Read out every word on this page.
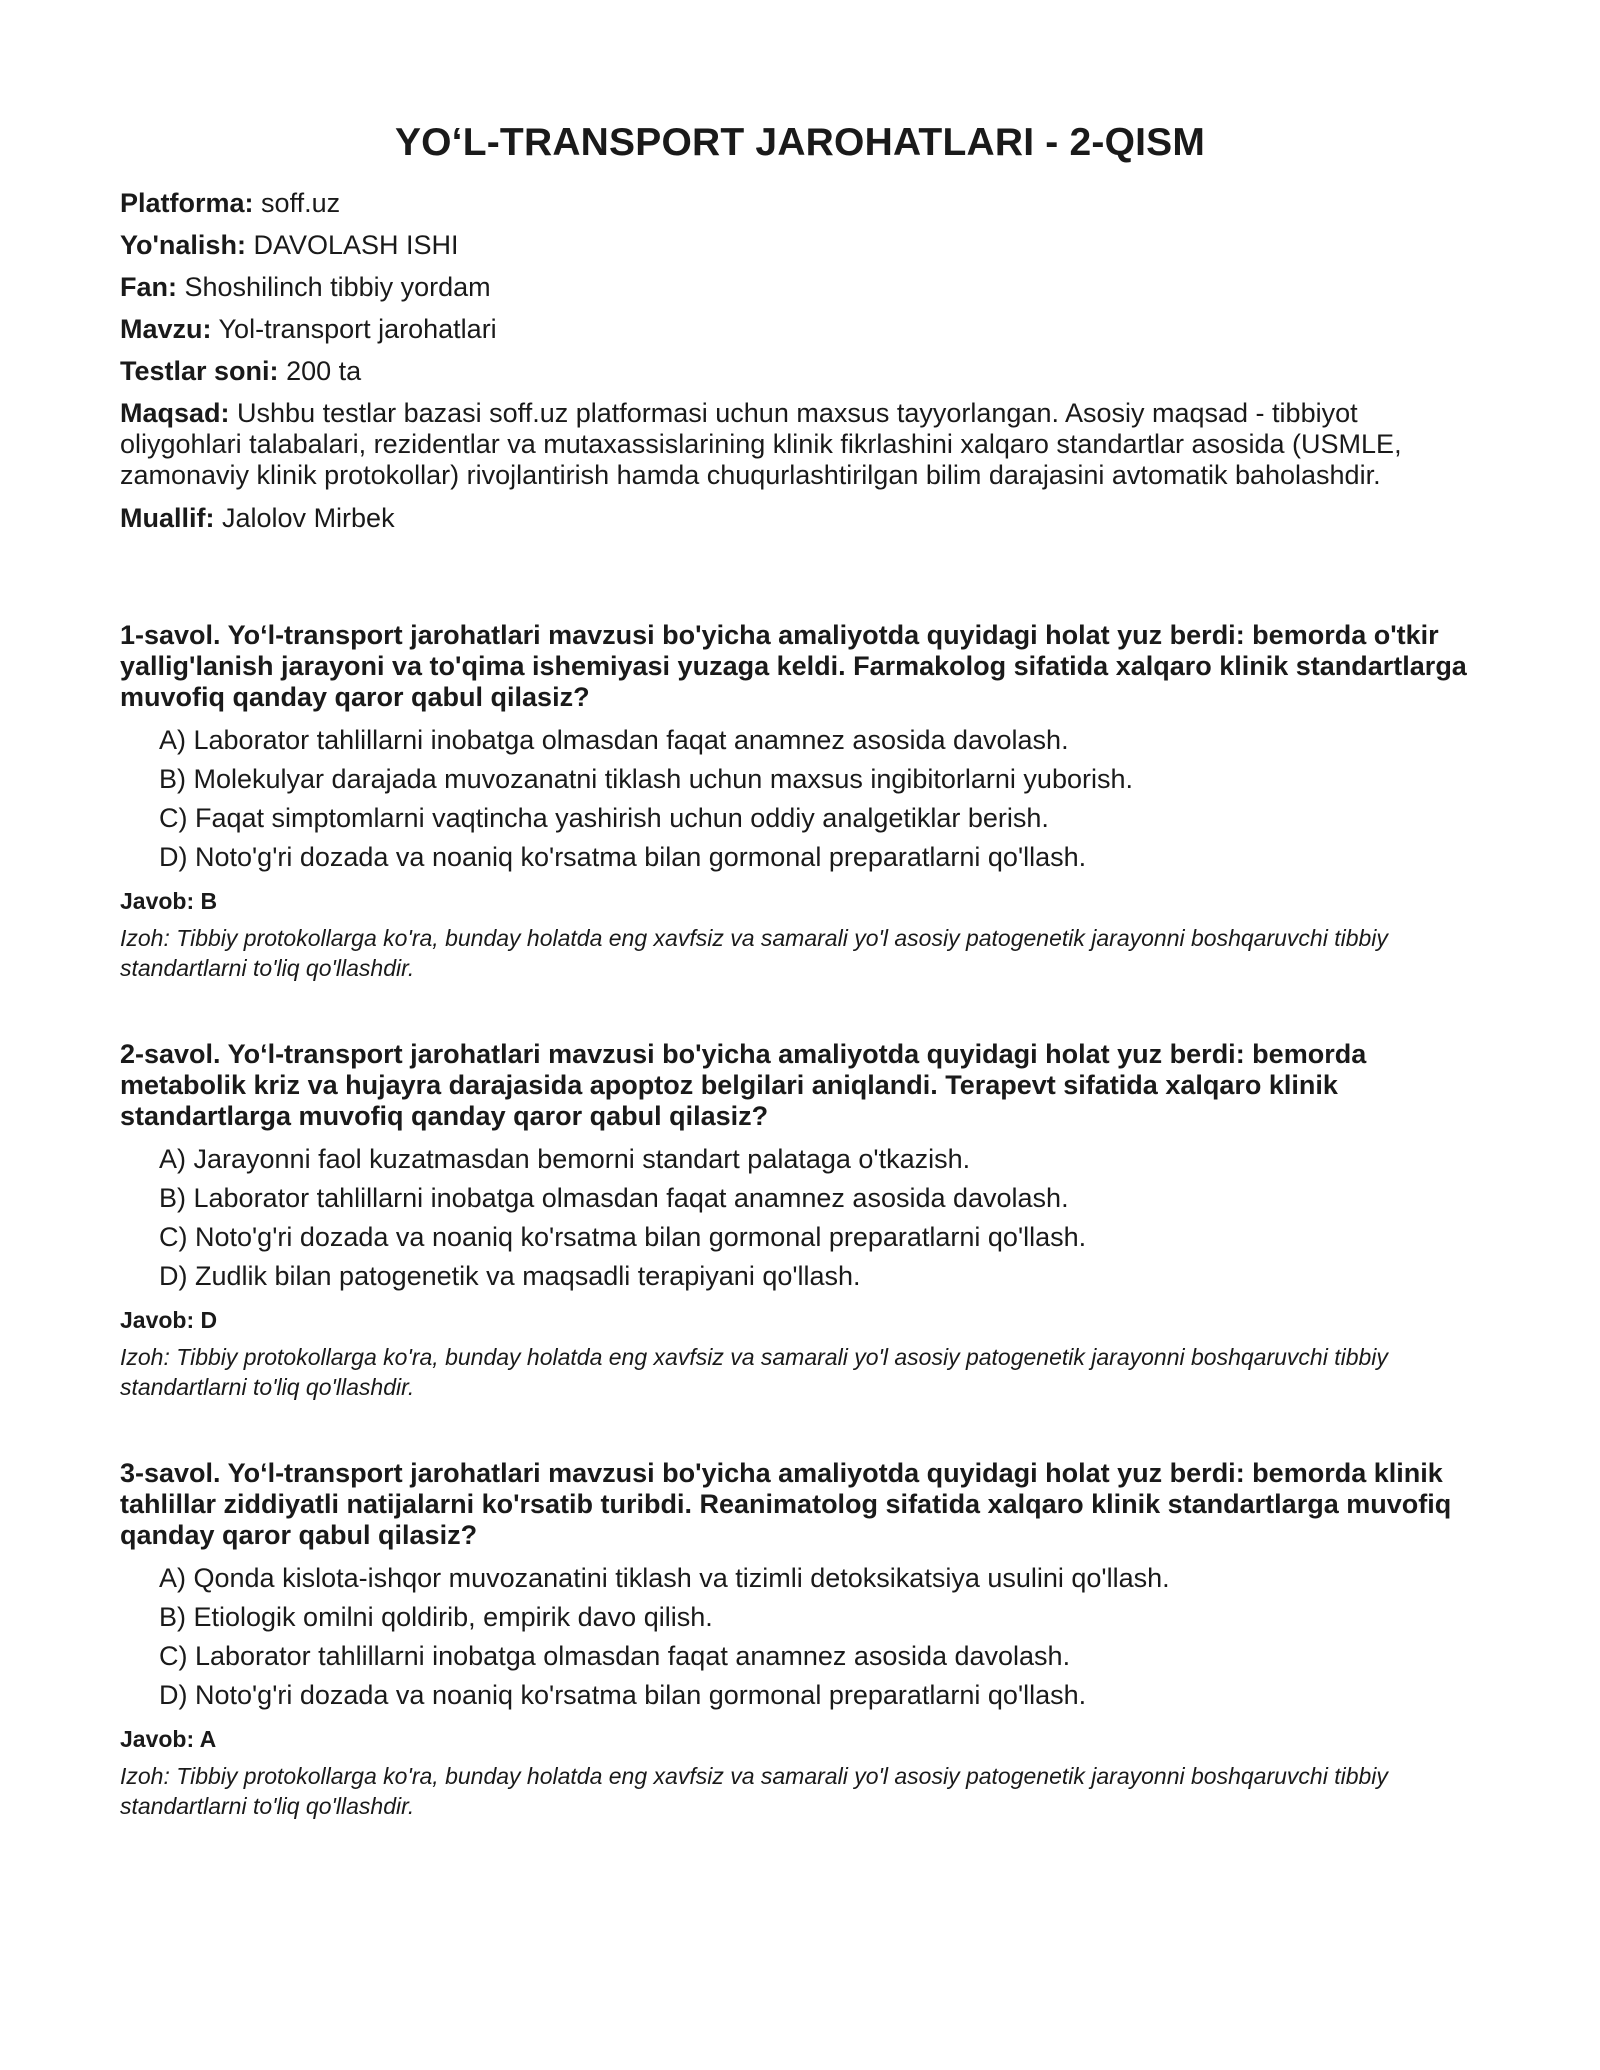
YO‘L-TRANSPORT JAROHATLARI - 2-QISM

Platforma: soff.uz

Yo'nalish: DAVOLASH ISHI

Fan: Shoshilinch tibbiy yordam

Mavzu: Yol-transport jarohatlari

Testlar soni: 200 ta

Maqsad: Ushbu testlar bazasi soff.uz platformasi uchun maxsus tayyorlangan. Asosiy maqsad - tibbiyot oliygohlari talabalari, rezidentlar va mutaxassislarining klinik fikrlashini xalqaro standartlar asosida (USMLE, zamonaviy klinik protokollar) rivojlantirish hamda chuqurlashtirilgan bilim darajasini avtomatik baholashdir.

Muallif: Jalolov Mirbek

1-savol. Yo‘l-transport jarohatlari mavzusi bo'yicha amaliyotda quyidagi holat yuz berdi: bemorda o'tkir yallig'lanish jarayoni va to'qima ishemiyasi yuzaga keldi. Farmakolog sifatida xalqaro klinik standartlarga muvofiq qanday qaror qabul qilasiz?

A) Laborator tahlillarni inobatga olmasdan faqat anamnez asosida davolash.
B) Molekulyar darajada muvozanatni tiklash uchun maxsus ingibitorlarni yuborish.
C) Faqat simptomlarni vaqtincha yashirish uchun oddiy analgetiklar berish.
D) Noto'g'ri dozada va noaniq ko'rsatma bilan gormonal preparatlarni qo'llash.

Javob: B

Izoh: Tibbiy protokollarga ko'ra, bunday holatda eng xavfsiz va samarali yo'l asosiy patogenetik jarayonni boshqaruvchi tibbiy standartlarni to'liq qo'llashdir.

2-savol. Yo‘l-transport jarohatlari mavzusi bo'yicha amaliyotda quyidagi holat yuz berdi: bemorda metabolik kriz va hujayra darajasida apoptoz belgilari aniqlandi. Terapevt sifatida xalqaro klinik standartlarga muvofiq qanday qaror qabul qilasiz?

A) Jarayonni faol kuzatmasdan bemorni standart palataga o'tkazish.
B) Laborator tahlillarni inobatga olmasdan faqat anamnez asosida davolash.
C) Noto'g'ri dozada va noaniq ko'rsatma bilan gormonal preparatlarni qo'llash.
D) Zudlik bilan patogenetik va maqsadli terapiyani qo'llash.

Javob: D

Izoh: Tibbiy protokollarga ko'ra, bunday holatda eng xavfsiz va samarali yo'l asosiy patogenetik jarayonni boshqaruvchi tibbiy standartlarni to'liq qo'llashdir.

3-savol. Yo‘l-transport jarohatlari mavzusi bo'yicha amaliyotda quyidagi holat yuz berdi: bemorda klinik tahlillar ziddiyatli natijalarni ko'rsatib turibdi. Reanimatolog sifatida xalqaro klinik standartlarga muvofiq qanday qaror qabul qilasiz?

A) Qonda kislota-ishqor muvozanatini tiklash va tizimli detoksikatsiya usulini qo'llash.
B) Etiologik omilni qoldirib, empirik davo qilish.
C) Laborator tahlillarni inobatga olmasdan faqat anamnez asosida davolash.
D) Noto'g'ri dozada va noaniq ko'rsatma bilan gormonal preparatlarni qo'llash.

Javob: A

Izoh: Tibbiy protokollarga ko'ra, bunday holatda eng xavfsiz va samarali yo'l asosiy patogenetik jarayonni boshqaruvchi tibbiy standartlarni to'liq qo'llashdir.
